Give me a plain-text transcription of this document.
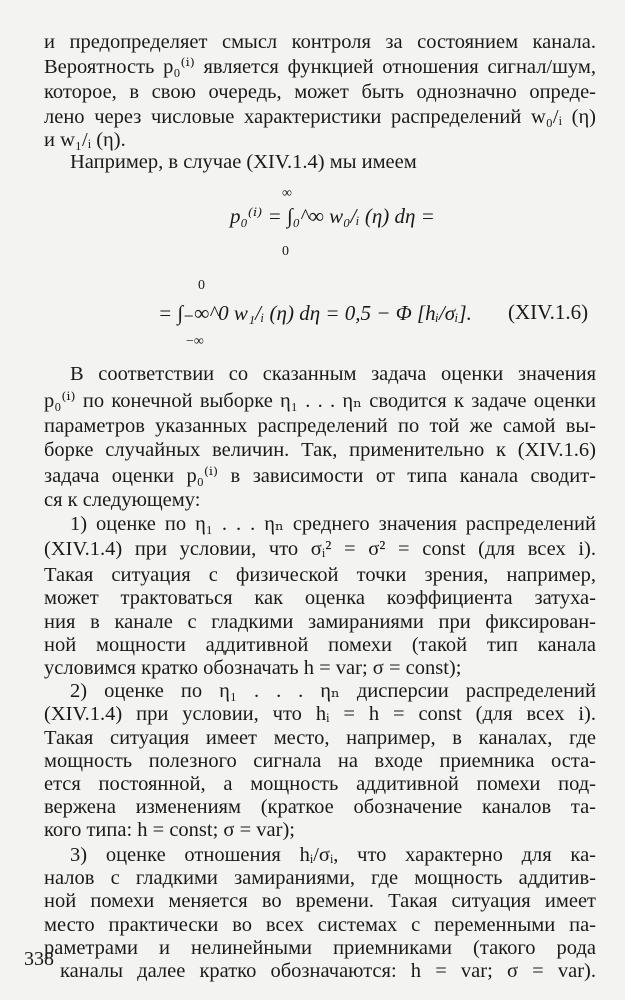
и предопределяет смысл контроля за состоянием канала.
Вероятность p₀⁽ⁱ⁾ является функцией отношения сигнал/шум,
которое, в свою очередь, может быть однозначно опреде-
лено через числовые характеристики распределений w₀/ᵢ (η)
и w₁/ᵢ (η).
Например, в случае (XIV.1.4) мы имеем
p₀⁽ⁱ⁾ = ∫₀^∞ w₀/ᵢ (η) dη =
∞
0
= ∫₋∞^0 w₁/ᵢ (η) dη = 0,5 − Φ [hᵢ/σᵢ].
0
−∞
(XIV.1.6)
В соответствии со сказанным задача оценки значения
p₀⁽ⁱ⁾ по конечной выборке η₁ . . . ηₙ сводится к задаче оценки
параметров указанных распределений по той же самой вы-
борке случайных величин. Так, применительно к (XIV.1.6)
задача оценки p₀⁽ⁱ⁾ в зависимости от типа канала сводит-
ся к следующему:
1) оценке по η₁ . . . ηₙ среднего значения распределений
(XIV.1.4) при условии, что σᵢ² = σ² = const (для всех i).
Такая ситуация с физической точки зрения, например,
может трактоваться как оценка коэффициента затуха-
ния в канале с гладкими замираниями при фиксирован-
ной мощности аддитивной помехи (такой тип канала
условимся кратко обозначать h = var; σ = const);
2) оценке по η₁ . . . ηₙ дисперсии распределений
(XIV.1.4) при условии, что hᵢ = h = const (для всех i).
Такая ситуация имеет место, например, в каналах, где
мощность полезного сигнала на входе приемника оста-
ется постоянной, а мощность аддитивной помехи под-
вержена изменениям (краткое обозначение каналов та-
кого типа: h = const; σ = var);
3) оценке отношения hᵢ/σᵢ, что характерно для ка-
налов с гладкими замираниями, где мощность аддитив-
ной помехи меняется во времени. Такая ситуация имеет
место практически во всех системах с переменными па-
раметрами и нелинейными приемниками (такого рода
каналы далее кратко обозначаются: h = var; σ = var).
338
